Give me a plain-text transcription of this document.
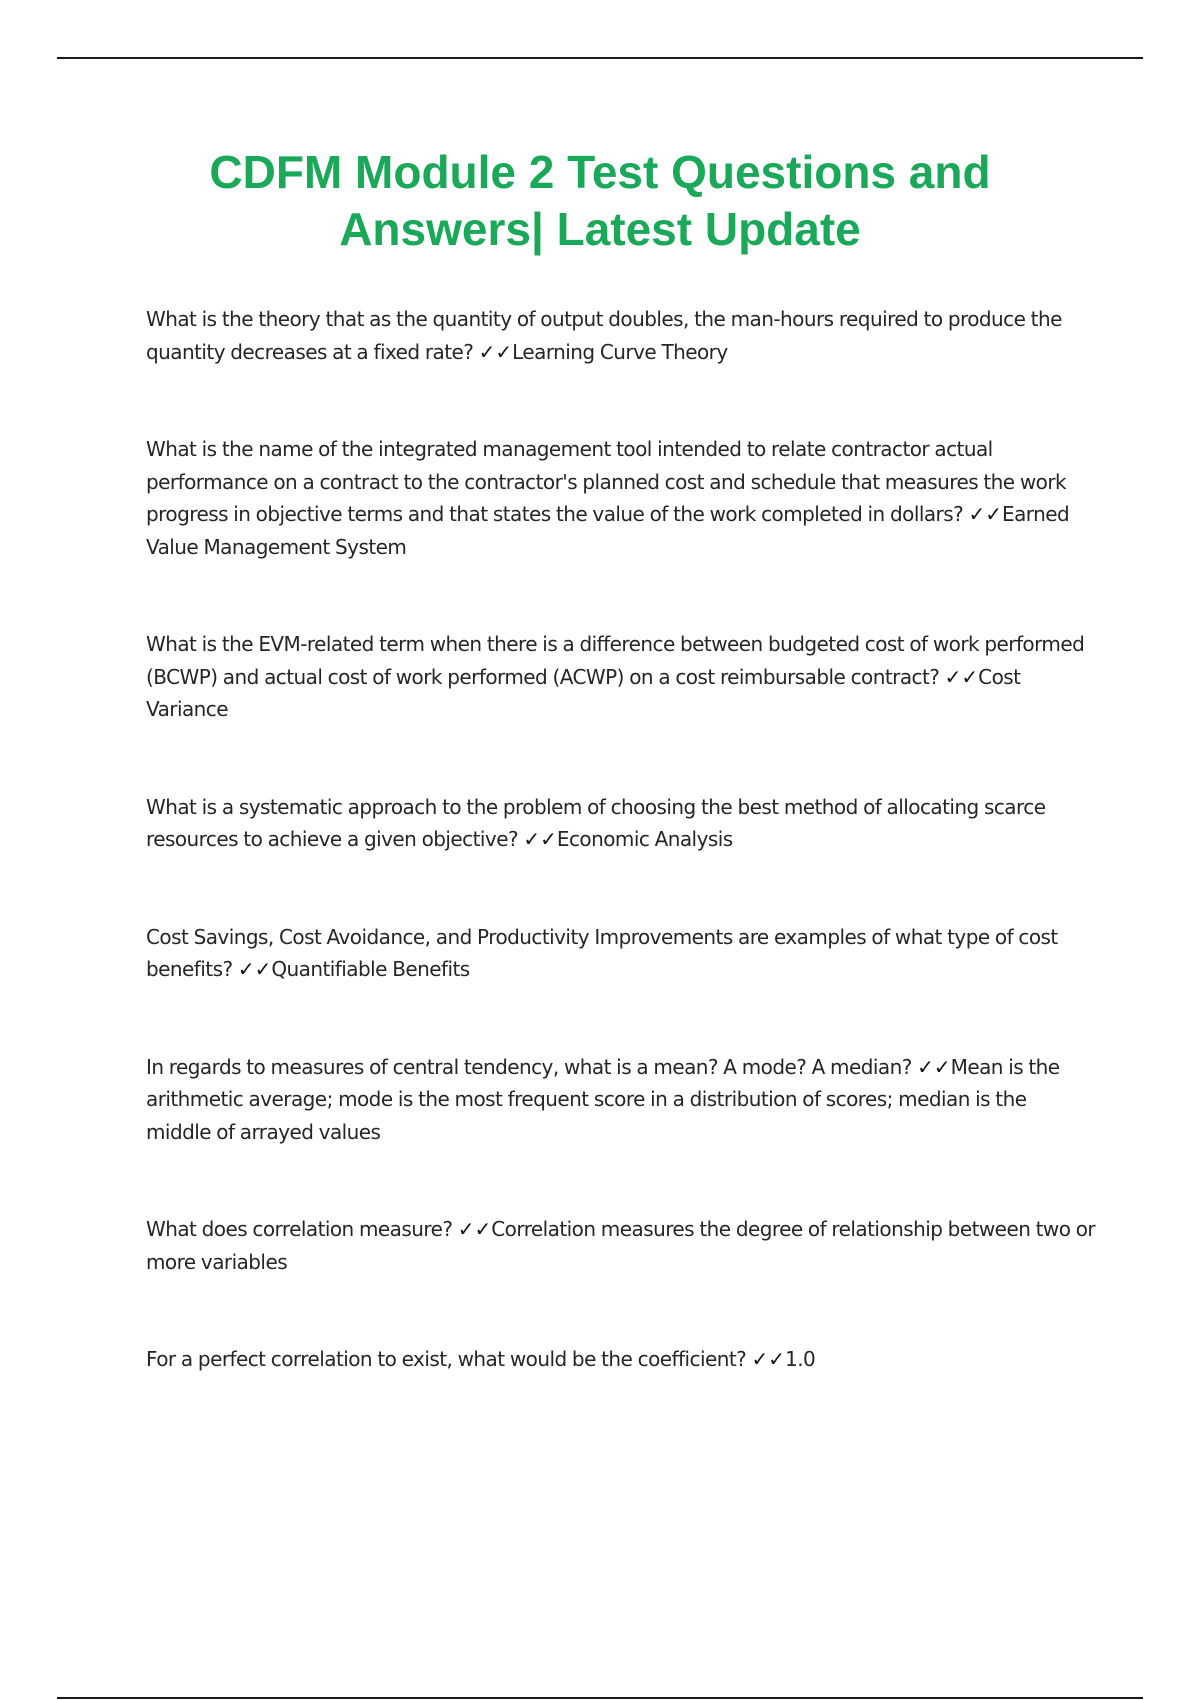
CDFM Module 2 Test Questions and Answers| Latest Update
What is the theory that as the quantity of output doubles, the man-hours required to produce the quantity decreases at a fixed rate? ✓✓Learning Curve Theory
What is the name of the integrated management tool intended to relate contractor actual performance on a contract to the contractor's planned cost and schedule that measures the work progress in objective terms and that states the value of the work completed in dollars? ✓✓Earned Value Management System
What is the EVM-related term when there is a difference between budgeted cost of work performed (BCWP) and actual cost of work performed (ACWP) on a cost reimbursable contract? ✓✓Cost Variance
What is a systematic approach to the problem of choosing the best method of allocating scarce resources to achieve a given objective? ✓✓Economic Analysis
Cost Savings, Cost Avoidance, and Productivity Improvements are examples of what type of cost benefits? ✓✓Quantifiable Benefits
In regards to measures of central tendency, what is a mean? A mode? A median? ✓✓Mean is the arithmetic average; mode is the most frequent score in a distribution of scores; median is the middle of arrayed values
What does correlation measure? ✓✓Correlation measures the degree of relationship between two or more variables
For a perfect correlation to exist, what would be the coefficient? ✓✓1.0
